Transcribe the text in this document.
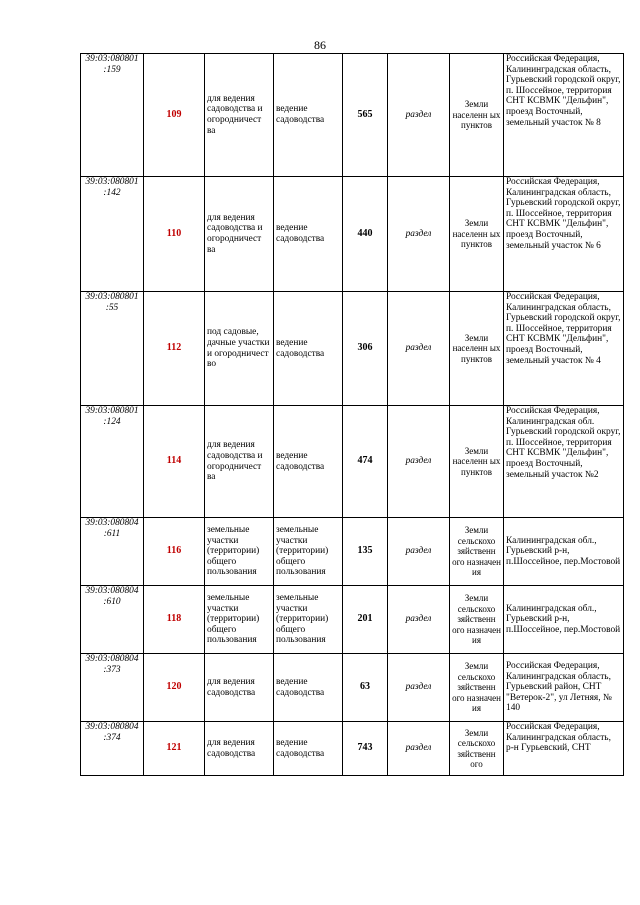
86
39:03:080801 :159	109	для ведения садоводства и огородничест ва	ведение садоводства	565	раздел	Земли населенн ых пунктов	Российская Федерация, Калининградская область, Гурьевский городской округ, п. Шоссейное, территория СНТ КСВМК "Дельфин", проезд Восточный, земельный участок № 8
39:03:080801 :142	110	для ведения садоводства и огородничест ва	ведение садоводства	440	раздел	Земли населенн ых пунктов	Российская Федерация, Калининградская область, Гурьевский городской округ, п. Шоссейное, территория СНТ КСВМК "Дельфин", проезд Восточный, земельный участок № 6
39:03:080801 :55	112	под садовые, дачные участки и огородничест во	ведение садоводства	306	раздел	Земли населенн ых пунктов	Российская Федерация, Калининградская область, Гурьевский городской округ, п. Шоссейное, территория СНТ КСВМК "Дельфин", проезд Восточный, земельный участок № 4
39:03:080801 :124	114	для ведения садоводства и огородничест ва	ведение садоводства	474	раздел	Земли населенн ых пунктов	Российская Федерация, Калининградская обл. Гурьевский городской округ, п. Шоссейное, территория СНТ КСВМК "Дельфин", проезд Восточный, земельный участок №2
39:03:080804 :611	116	земельные участки (территории) общего пользования	земельные участки (территории) общего пользования	135	раздел	Земли сельскохо зяйственн ого назначен ия	Калининградская обл., Гурьевский р-н, п.Шоссейное, пер.Мостовой
39:03:080804 :610	118	земельные участки (территории) общего пользования	земельные участки (территории) общего пользования	201	раздел	Земли сельскохо зяйственн ого назначен ия	Калининградская обл., Гурьевский р-н, п.Шоссейное, пер.Мостовой
39:03:080804 :373	120	для ведения садоводства	ведение садоводства	63	раздел	Земли сельскохо зяйственн ого назначен ия	Российская Федерация, Калининградская область, Гурьевский район, СНТ "Ветерок-2", ул Летняя, № 140
39:03:080804 :374	121	для ведения садоводства	ведение садоводства	743	раздел	Земли сельскохо зяйственн ого	Российская Федерация, Калининградская область, р-н Гурьевский, СНТ
